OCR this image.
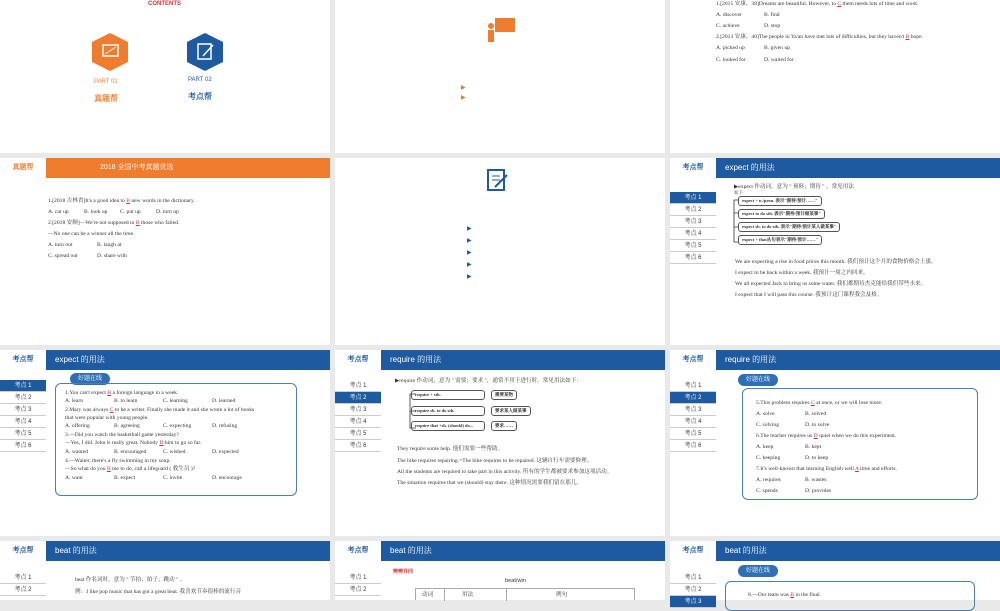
CONTENTS
PART 01
真题帮
PART 02
考点帮
▶
▶
1.[2015 安康，38]Dreams are beautiful. However, to C them needs lots of time and work.
A. discover	B. find
C. achieve	D. stop
2.[2013 安康，40]The people in Ya'an have met lots of difficulties, but they haven't B hope.
A. picked up	B. given up
C. looked for	D. waited for
真题帮	2018 全国中考真题优选
1.[2018 吉林省]It's a good idea to B new words in the dictionary.
A. cut up	B. look up C. put up	D. turn up
2.[2018 安顺]—We're not supposed to B those who failed.
—No one can be a winner all the time.
A. turn out	B. laugh at
C. spread out	D. share with
▶
▶
▶
▶
▶
考点帮	expect 的用法
考点 1
考点 2
考点 3
考点 4
考点 5
考点 6
▶expect 作动词，意为 " 预料；期待 " 。常见用法
如下：
expect + n./pron. 表示"期待/预计……"
expect to do sth. 表示"期待/预计做某事"
expect sb. to do sth. 表示"期待/预计某人做某事"
expect + that从句表示"期待/预计……"
We are expecting a rise in food prices this month. 我们预计这个月的食物价格会上涨。
I expect to be back within a week. 我预计一周之内回来。
We all expected Jack to bring us some water. 我们都期待杰克能给我们带些水来。
I expect that I will pass this course. 我预计这门课程我会及格。
考点帮	expect 的用法
考点 1
考点 2
考点 3
考点 4
考点 5
考点 6
好题在线
1.You can't expect B a foreign language in a week.
A. learn	B. to learn	C. learning	D. learned
2.Mary was always C to be a writer. Finally she made it and she wrote a lot of books
that were popular with young people.
A. offering	B. agreeing	C. expecting	D. refusing
3.—Did you watch the basketball game yesterday?
—Yes, I did. John is really great. Nobody D him to go so far.
A. wanted	B. encouraged	C. wished	D. expected
4.—Waiter, there's a fly swimming in my soup.
—So what do you B me to do, call a lifeguard ( 救生员 )?
A. want	B. expect	C. invite	D. encourage
考点帮	require 的用法
考点 1
考点 2
考点 3
考点 4
考点 5
考点 6
▶require 作动词，意为 " 需要；要求 "，通常不用于进行时。常见用法如下：
require + sth.
require sb. to do sth.
require that +sb. (should) do...
需要某物
要求某人做某事
要求……
They require some help. 他们需要一些帮助。
The bike requires repairing.=The bike requires to be repaired. 这辆自行车需要修理。
All the students are required to take part in this activity. 所有的学生都被要求参加这项活动。
The situation requires that we (should) stay there. 这种情况需要我们留在那儿。
考点帮	require 的用法
考点 1
考点 2
考点 3
考点 4
考点 5
考点 6
好题在线
5.This problem requires C at once, or we will lose more.
A. solve	B. solved
C. solving	D. to solve
6.The teacher requires us D quiet when we do this experiment.
A. keep	B. kept
C. keeping	D. to keep
7.It's well-known that learning English well A time and efforts.
A. requires	B. wastes
C. spends	D. provides
考点帮	beat 的用法
考点 1
考点 2
beat 作名词时，意为 " 节拍；拍子；跳动 " 。
例：I like pop music that has got a great beat. 我喜欢节奏很棒的流行音
考点帮	beat 的用法
考点 1
考点 2
辨辨异同
beat/win
动词	用法	例句
考点帮	beat 的用法
考点 1
考点 2
考点 3
好题在线
8.—Our team was B in the final.
